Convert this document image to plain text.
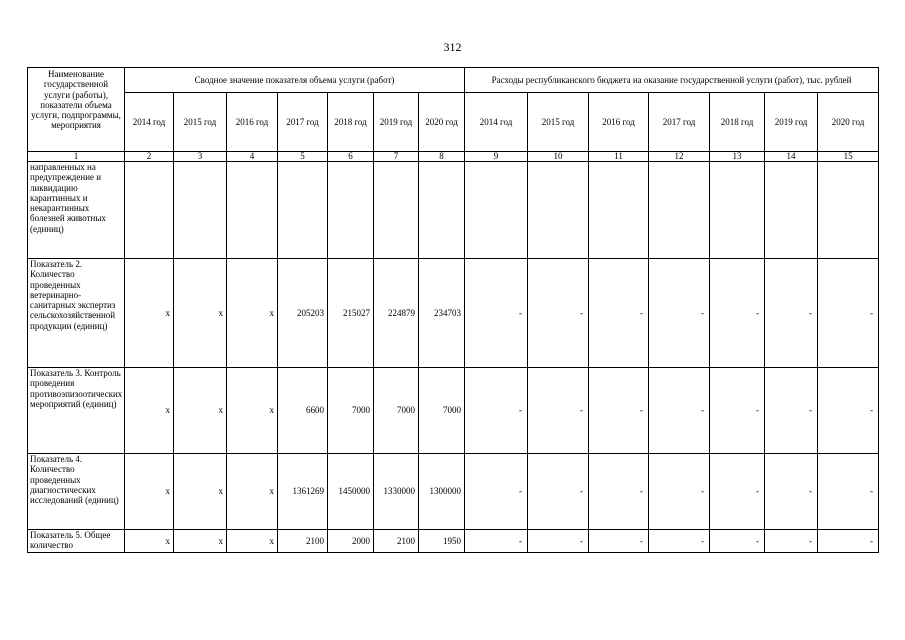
312
Наименование государственной услуги (работы), показатели объема услуги, подпрограммы, мероприятия	Сводное значение показателя объема услуги (работ)							Расходы республиканского бюджета на оказание государственной услуги (работ), тыс. рублей						
	2014 год	2015 год	2016 год	2017 год	2018 год	2019 год	2020 год	2014 год	2015 год	2016 год	2017 год	2018 год	2019 год	2020 год
1	2	3	4	5	6	7	8	9	10	11	12	13	14	15
направленных на предупреждение и ликвидацию карантинных и некарантинных болезней животных (единиц)														
Показатель 2. Количество проведенных ветеринарно-санитарных экспертиз сельскохозяйственной продукции (единиц)	х	х	х	205203	215027	224879	234703	-	-	-	-	-	-	-
Показатель 3. Контроль проведения противоэпизоотических мероприятий (единиц)	х	х	х	6600	7000	7000	7000	-	-	-	-	-	-	-
Показатель 4. Количество проведенных диагностических исследований (единиц)	х	х	х	1361269	1450000	1330000	1300000	-	-	-	-	-	-	-
Показатель 5. Общее количество	х	х	х	2100	2000	2100	1950	-	-	-	-	-	-	-
